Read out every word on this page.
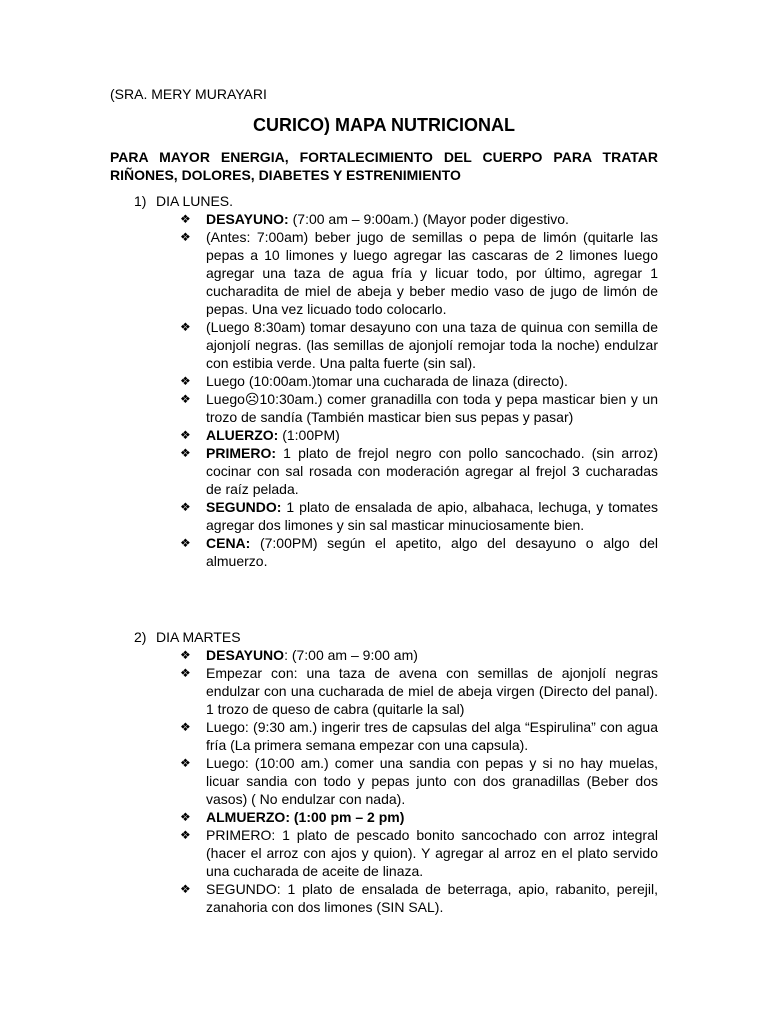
(SRA. MERY MURAYARI
CURICO) MAPA NUTRICIONAL
PARA MAYOR ENERGIA, FORTALECIMIENTO DEL CUERPO PARA TRATAR RIÑONES, DOLORES, DIABETES Y ESTRENIMIENTO
1) DIA LUNES.
❖ DESAYUNO: (7:00 am – 9:00am.) (Mayor poder digestivo.
❖ (Antes: 7:00am) beber jugo de semillas o pepa de limón (quitarle las pepas a 10 limones y luego agregar las cascaras de 2 limones luego agregar una taza de agua fría y licuar todo, por último, agregar 1 cucharadita de miel de abeja y beber medio vaso de jugo de limón de pepas. Una vez licuado todo colocarlo.
❖ (Luego 8:30am) tomar desayuno con una taza de quinua con semilla de ajonjolí negras. (las semillas de ajonjolí remojar toda la noche) endulzar con estibia verde. Una palta fuerte (sin sal).
❖ Luego (10:00am.)tomar una cucharada de linaza (directo).
❖ Luego☹10:30am.) comer granadilla con toda y pepa masticar bien y un trozo de sandía (También masticar bien sus pepas y pasar)
❖ ALUERZO: (1:00PM)
❖ PRIMERO: 1 plato de frejol negro con pollo sancochado. (sin arroz) cocinar con sal rosada con moderación agregar al frejol 3 cucharadas de raíz pelada.
❖ SEGUNDO: 1 plato de ensalada de apio, albahaca, lechuga, y tomates agregar dos limones y sin sal masticar minuciosamente bien.
❖ CENA: (7:00PM) según el apetito, algo del desayuno o algo del almuerzo.
2) DIA MARTES
❖ DESAYUNO: (7:00 am – 9:00 am)
❖ Empezar con: una taza de avena con semillas de ajonjolí negras endulzar con una cucharada de miel de abeja virgen (Directo del panal). 1 trozo de queso de cabra (quitarle la sal)
❖ Luego: (9:30 am.) ingerir tres de capsulas del alga “Espirulina” con agua fría (La primera semana empezar con una capsula).
❖ Luego: (10:00 am.) comer una sandia con pepas y si no hay muelas, licuar sandia con todo y pepas junto con dos granadillas (Beber dos vasos) ( No endulzar con nada).
❖ ALMUERZO: (1:00 pm – 2 pm)
❖ PRIMERO: 1 plato de pescado bonito sancochado con arroz integral (hacer el arroz con ajos y quion). Y agregar al arroz en el plato servido una cucharada de aceite de linaza.
❖ SEGUNDO: 1 plato de ensalada de beterraga, apio, rabanito, perejil, zanahoria con dos limones (SIN SAL).
